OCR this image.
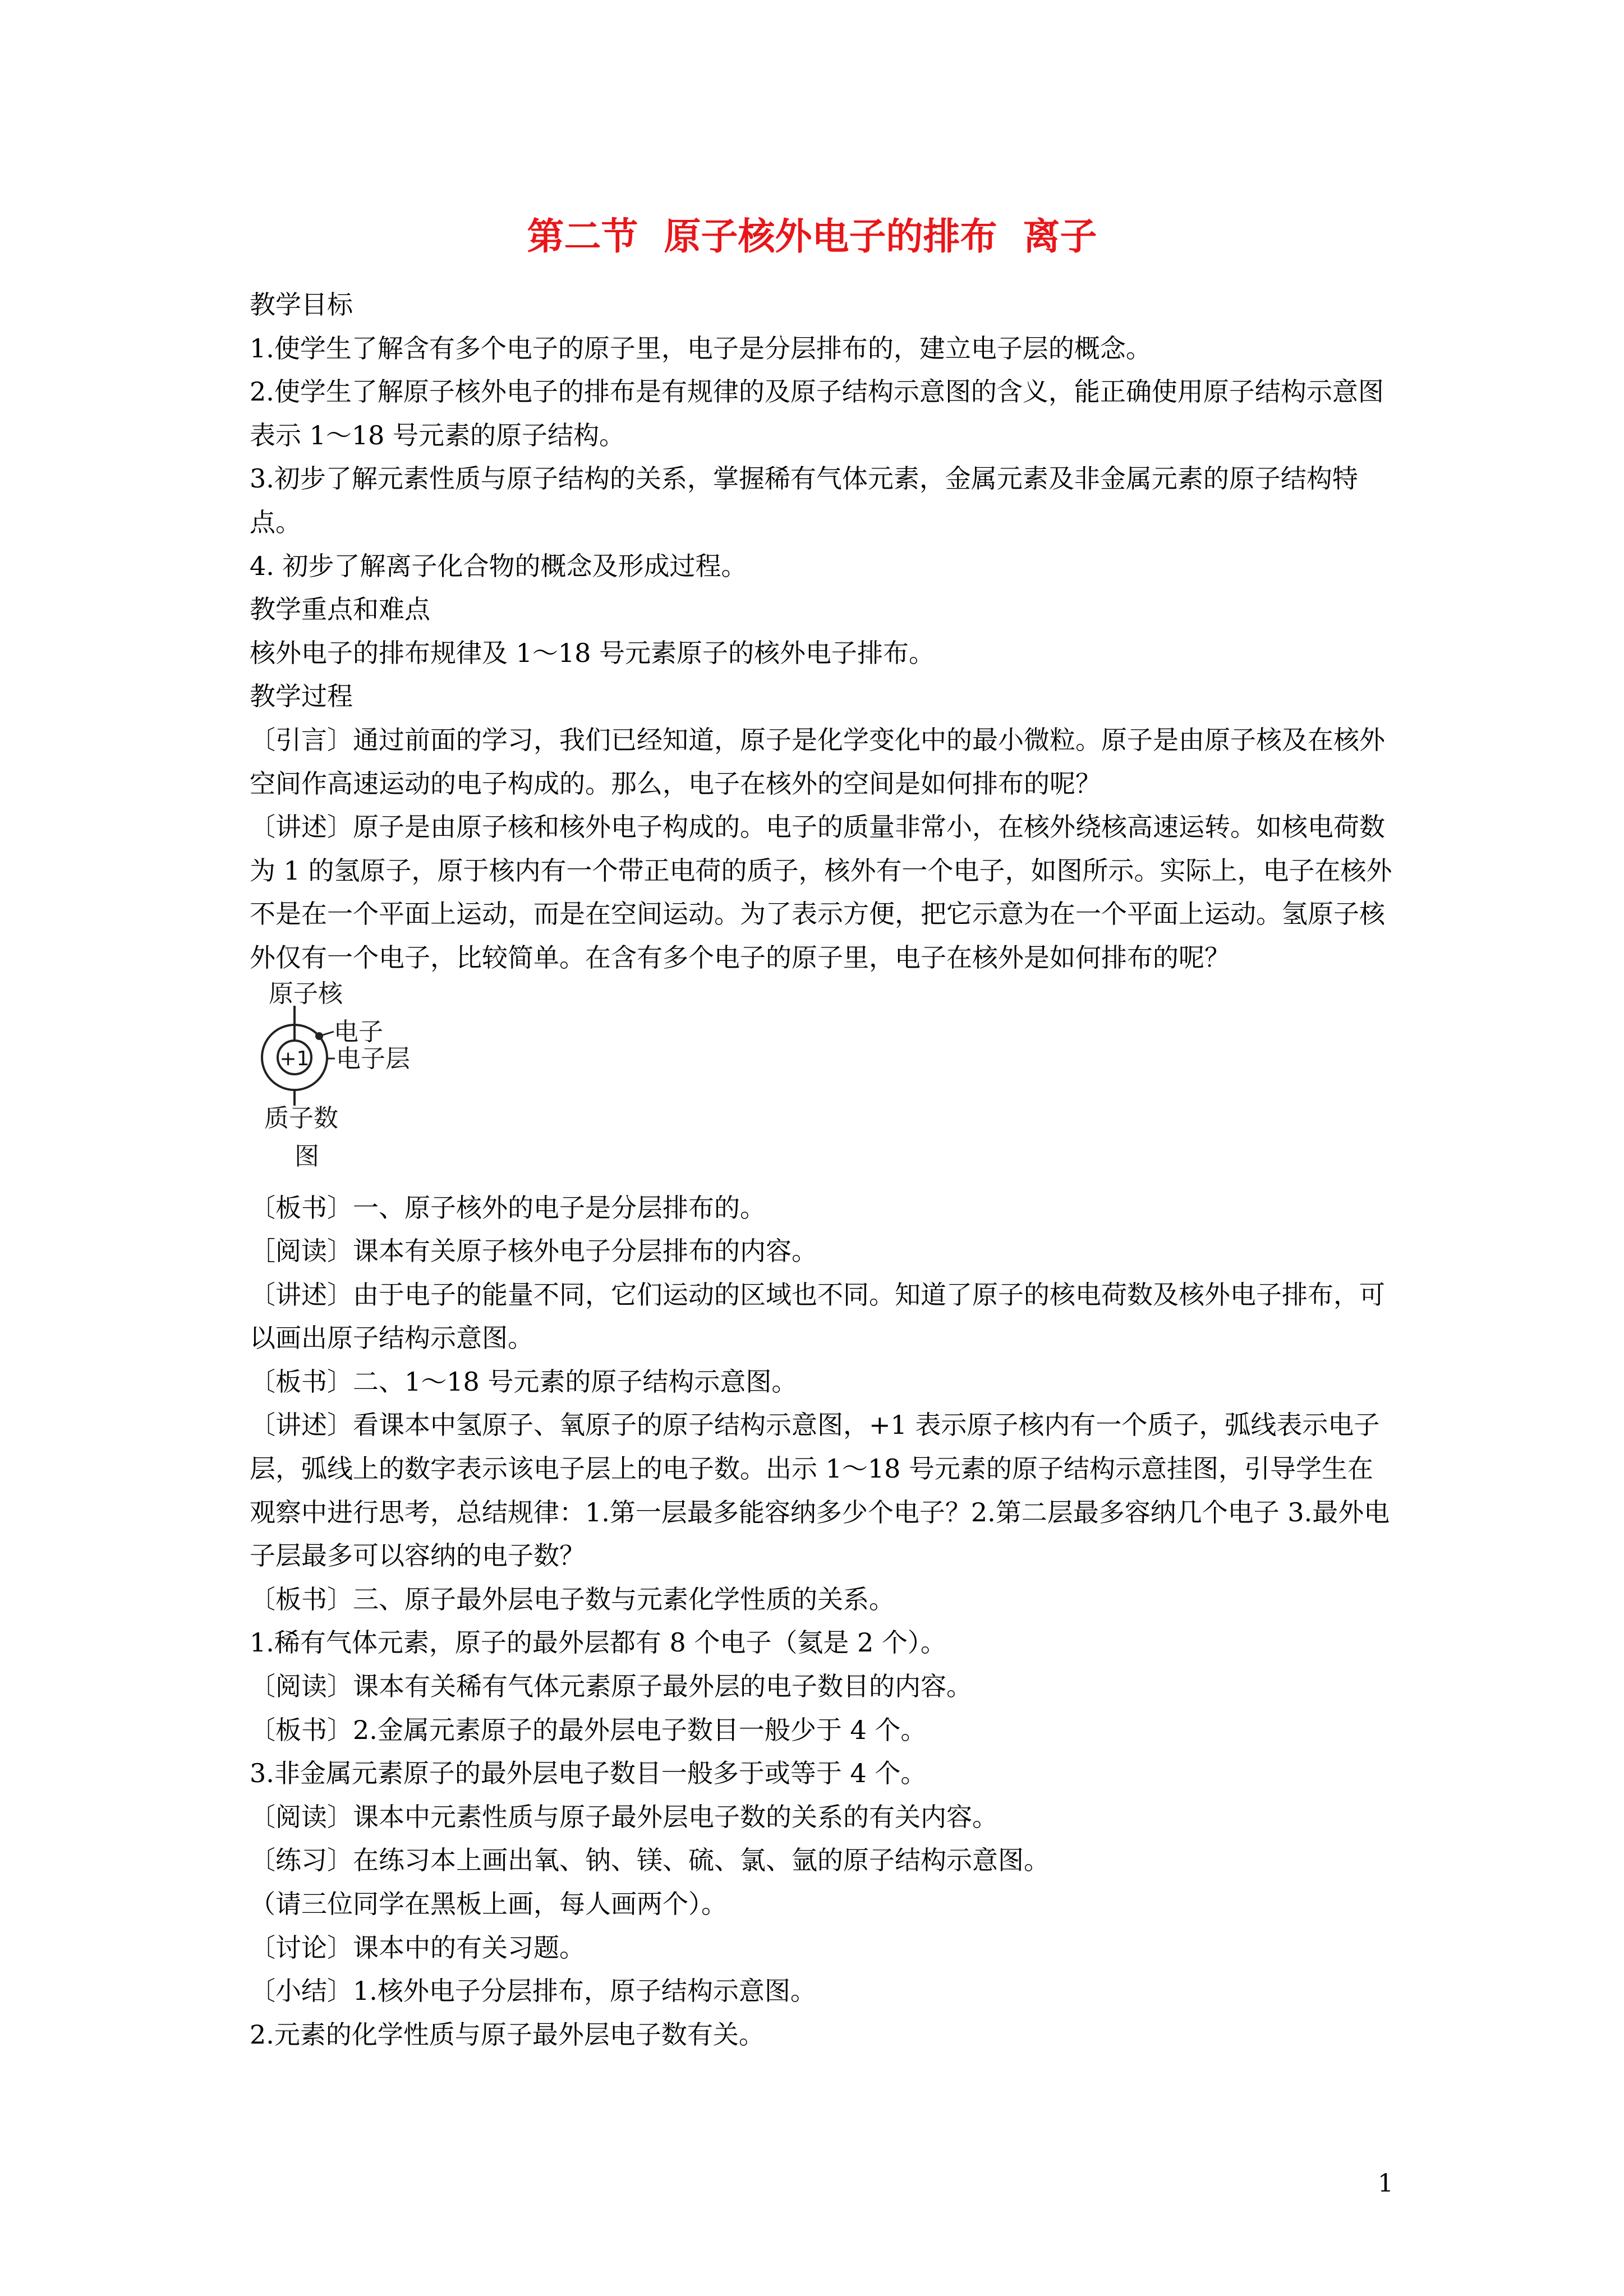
第二节  原子核外电子的排布  离子

教学目标

1.使学生了解含有多个电子的原子里，电子是分层排布的，建立电子层的概念。

2.使学生了解原子核外电子的排布是有规律的及原子结构示意图的含义，能正确使用原子结构示意图表示 1～18 号元素的原子结构。

3.初步了解元素性质与原子结构的关系，掌握稀有气体元素，金属元素及非金属元素的原子结构特点。

4. 初步了解离子化合物的概念及形成过程。

教学重点和难点

核外电子的排布规律及 1～18 号元素原子的核外电子排布。

教学过程

〔引言〕通过前面的学习，我们已经知道，原子是化学变化中的最小微粒。原子是由原子核及在核外空间作高速运动的电子构成的。那么，电子在核外的空间是如何排布的呢？

〔讲述〕原子是由原子核和核外电子构成的。电子的质量非常小，在核外绕核高速运转。如核电荷数为 1 的氢原子，原于核内有一个带正电荷的质子，核外有一个电子，如图所示。实际上，电子在核外不是在一个平面上运动，而是在空间运动。为了表示方便，把它示意为在一个平面上运动。氢原子核外仅有一个电子，比较简单。在含有多个电子的原子里，电子在核外是如何排布的呢？

+1
原子核
电子
电子层
质子数
图

〔板书〕一、原子核外的电子是分层排布的。

［阅读〕课本有关原子核外电子分层排布的内容。

〔讲述〕由于电子的能量不同，它们运动的区域也不同。知道了原子的核电荷数及核外电子排布，可以画出原子结构示意图。

〔板书〕二、1～18 号元素的原子结构示意图。

〔讲述〕看课本中氢原子、氧原子的原子结构示意图，+1 表示原子核内有一个质子，弧线表示电子层，弧线上的数字表示该电子层上的电子数。出示 1～18 号元素的原子结构示意挂图，引导学生在观察中进行思考，总结规律：1.第一层最多能容纳多少个电子？2.第二层最多容纳几个电子 3.最外电子层最多可以容纳的电子数？

〔板书〕三、原子最外层电子数与元素化学性质的关系。

1.稀有气体元素，原子的最外层都有 8 个电子（氦是 2 个）。

〔阅读〕课本有关稀有气体元素原子最外层的电子数目的内容。

〔板书〕2.金属元素原子的最外层电子数目一般少于 4 个。

3.非金属元素原子的最外层电子数目一般多于或等于 4 个。

〔阅读〕课本中元素性质与原子最外层电子数的关系的有关内容。

〔练习〕在练习本上画出氧、钠、镁、硫、氯、氩的原子结构示意图。

（请三位同学在黑板上画，每人画两个）。

〔讨论〕课本中的有关习题。

〔小结〕1.核外电子分层排布，原子结构示意图。

2.元素的化学性质与原子最外层电子数有关。

1
